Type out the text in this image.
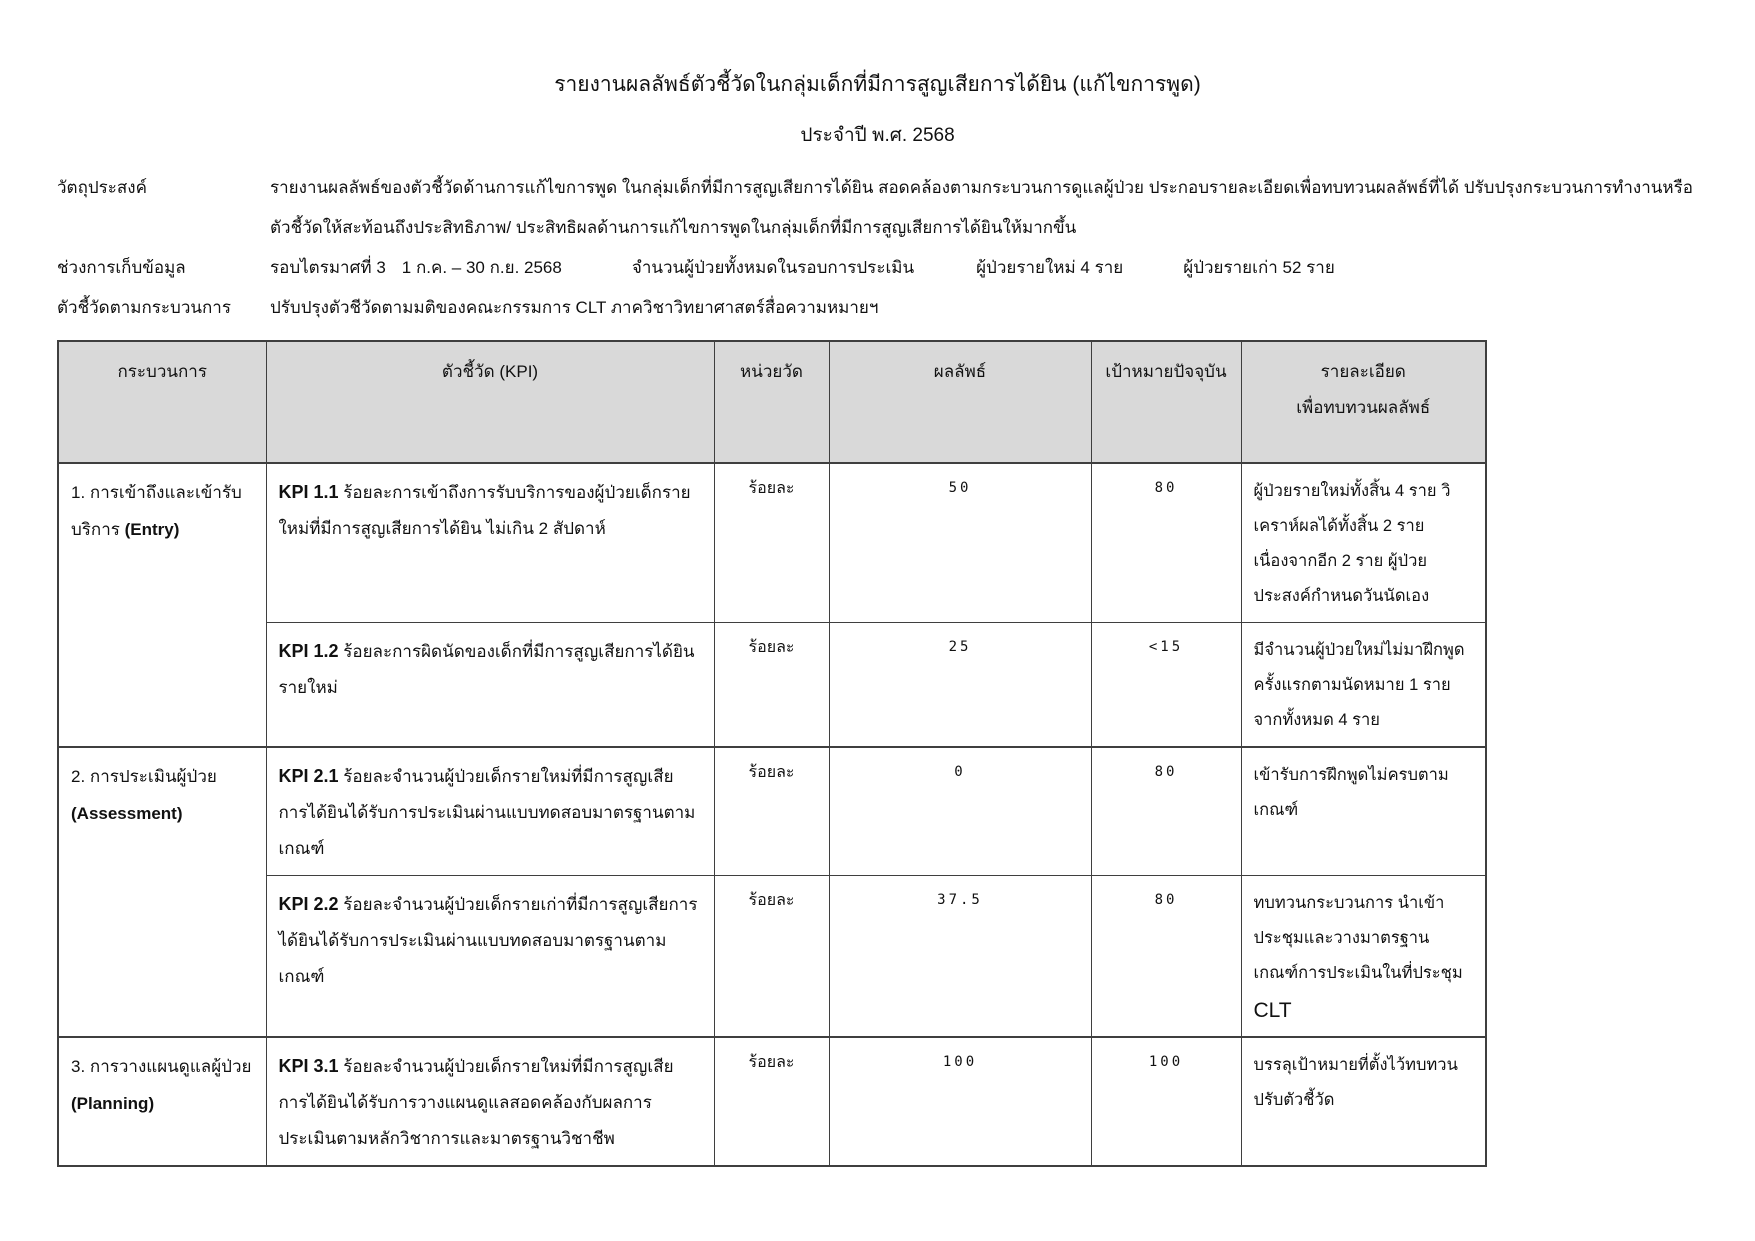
รายงานผลลัพธ์ตัวชี้วัดในกลุ่มเด็กที่มีการสูญเสียการได้ยิน (แก้ไขการพูด)
ประจำปี พ.ศ. 2568
วัตถุประสงค์	รายงานผลลัพธ์ของตัวชี้วัดด้านการแก้ไขการพูด ในกลุ่มเด็กที่มีการสูญเสียการได้ยิน สอดคล้องตามกระบวนการดูแลผู้ป่วย ประกอบรายละเอียดเพื่อทบทวนผลลัพธ์ที่ได้ ปรับปรุงกระบวนการทำงานหรือตัวชี้วัดให้สะท้อนถึงประสิทธิภาพ/ ประสิทธิผลด้านการแก้ไขการพูดในกลุ่มเด็กที่มีการสูญเสียการได้ยินให้มากขึ้น
ช่วงการเก็บข้อมูล	รอบไตรมาศที่ 3 1 ก.ค. – 30 ก.ย. 2568	จำนวนผู้ป่วยทั้งหมดในรอบการประเมิน	ผู้ป่วยรายใหม่ 4 ราย	ผู้ป่วยรายเก่า 52 ราย
ตัวชี้วัดตามกระบวนการ	ปรับปรุงตัวชีวัดตามมติของคณะกรรมการ CLT ภาควิชาวิทยาศาสตร์สื่อความหมายฯ
กระบวนการ	ตัวชี้วัด (KPI)	หน่วยวัด	ผลลัพธ์	เป้าหมายปัจจุบัน	รายละเอียด
เพื่อทบทวนผลลัพธ์

1. การเข้าถึงและเข้ารับบริการ (Entry)	KPI 1.1 ร้อยละการเข้าถึงการรับบริการของผู้ป่วยเด็กรายใหม่ที่มีการสูญเสียการได้ยิน ไม่เกิน 2 สัปดาห์	ร้อยละ	50	80	ผู้ป่วยรายใหม่ทั้งสิ้น 4 ราย วิเคราห์ผลได้ทั้งสิ้น 2 ราย เนื่องจากอีก 2 ราย ผู้ป่วยประสงค์กำหนดวันนัดเอง
	KPI 1.2 ร้อยละการผิดนัดของเด็กที่มีการสูญเสียการได้ยินรายใหม่	ร้อยละ	25	<15	มีจำนวนผู้ป่วยใหม่ไม่มาฝึกพูดครั้งแรกตามนัดหมาย 1 ราย จากทั้งหมด 4 ราย
2. การประเมินผู้ป่วย (Assessment)	KPI 2.1 ร้อยละจำนวนผู้ป่วยเด็กรายใหม่ที่มีการสูญเสียการได้ยินได้รับการประเมินผ่านแบบทดสอบมาตรฐานตามเกณฑ์	ร้อยละ	0	80	เข้ารับการฝึกพูดไม่ครบตามเกณฑ์
	KPI 2.2 ร้อยละจำนวนผู้ป่วยเด็กรายเก่าที่มีการสูญเสียการได้ยินได้รับการประเมินผ่านแบบทดสอบมาตรฐานตามเกณฑ์	ร้อยละ	37.5	80	ทบทวนกระบวนการ นำเข้าประชุมและวางมาตรฐานเกณฑ์การประเมินในที่ประชุม
CLT

3. การวางแผนดูแลผู้ป่วย (Planning)	KPI 3.1 ร้อยละจำนวนผู้ป่วยเด็กรายใหม่ที่มีการสูญเสียการได้ยินได้รับการวางแผนดูแลสอดคล้องกับผลการประเมินตามหลักวิชาการและมาตรฐานวิชาชีพ	ร้อยละ	100	100	บรรลุเป้าหมายที่ตั้งไว้ทบทวนปรับตัวชี้วัด
